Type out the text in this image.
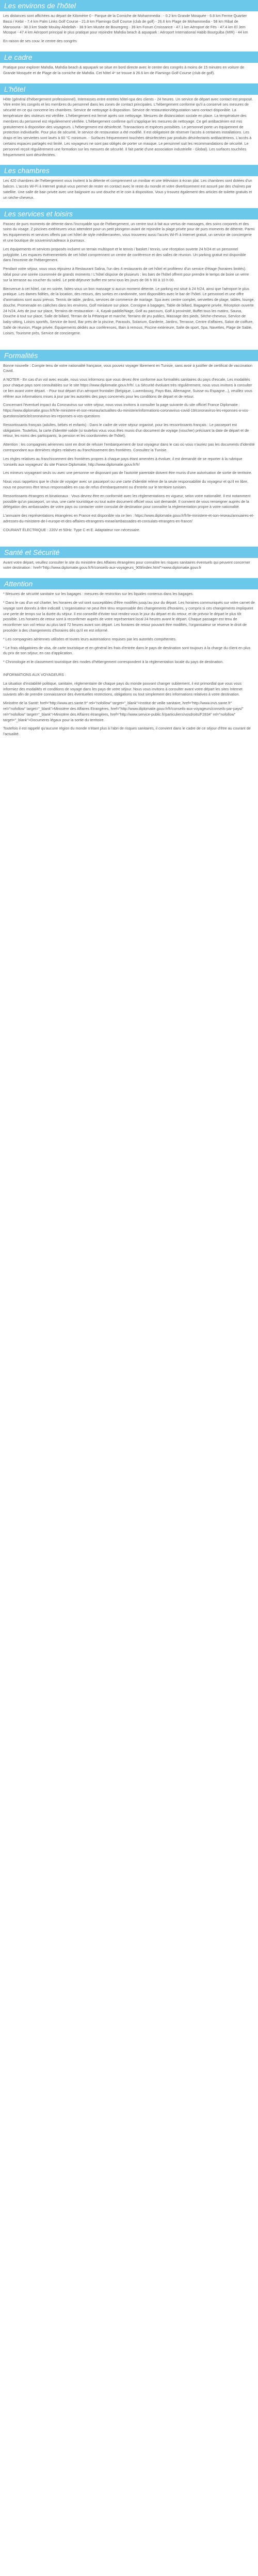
Les environs de l'hôtel

Les distances sont affichées au départ de Kilomètre 0 - Parque de la Corniche de Mohammedia : - 0.2 km Grande Mosquée - 6.8 km Ferme Quartier Bassi / Kebir - 7.4 km Palm Links Golf Course - 21.8 km Flamingo Golf Course (club de golf) - 26.6 km Plage de Mohammedia - 58 km Ribat de Mansouria - 38.3 km Stade Moulay Abdellah - 38.9 km Musée de Bouregreg - 39 km Forum Croissance - 47.1 km Aéroport de Fès - 47.4 km El Jem Mosque - 47.4 km Aéroport principal le plus pratique pour rejoindre Mahdia beach & aquapark : Aéroport International Habib Bourguiba (MIR) - 44 km

En raison de ses couv. le centre des congrès

Le cadre

Pratique pour explorer Mahdia, Mahdia beach & aquapark se situe en bord directe avec le centre des congrès à moins de 15 minutes en voiture de Grande Mosquée et de Plage de la corniche de Mahdia. Cet hôtel 4* se trouve à 26.6 km de Flamingo Golf Course (club de golf).

L'hôtel

Hôte (général d'hébergement professionnel). Interrasses entre entrées hôtel-spa des clients - 24 heures. Un service de départ avec contact est proposé. Vitre entre les congrès et les membres du personnel dans les zones de contact principales. L'hébergement conforme qu'il a conservé ses mesures de sécurité en ce qui concerne les chambres. Service de nettoyage à disposition. Service de restauration/dégustation sans contact disponible. La température des visiteurs est vérifiée. L'hébergement est fermé après son nettoyage. Mesures de distanciation sociale en place. La température des membres du personnel est régulièrement vérifiée. L'hébergement confirme qu'il s'applique les mesures de nettoyage. Ce gel antibactérien est mis gratuitement à disposition des voyageurs. L'hébergement est désinfecté. Transactions et espèces possibles. Le personnel porte un équipement de protection individuelle. Pour plus de sécurité, le service de restauration a été modifié. Il est obligatoire de réserver l'accès à certaines installations. Les draps et les serviettes sont lavés à 60 °C minimum. - Surfaces fréquemment touchées désinfectées par produits désinfectants antibactériens. L'accès à certains espaces partagés est limité. Les voyageurs ne sont pas obligés de porter un masque. Le personnel suit les recommandations de sécurité. Le personnel reçoit régulièrement une formation sur les mesures de sécurité. Il fait partie d'une association industrielle - Global). Les surfaces touchées fréquemment sont désinfectées.

Les chambres

Les 420 chambres de l'hébergement vous invitent à la détente et comprennent un minibar et une télévision à écran plat. Les chambres sont dotées d'un balcon. L'accès Wi-Fi à Internet gratuit vous permet de rester en contact avec le reste du monde et votre divertissement est assuré par des chaînes par satellite. Une salle de bain privée avec une baignoire ou une douche et le coin à disposition. Vous y trouvez également des articles de toilette gratuits et un sèche-cheveux.

Les services et loisirs

Passez de purs moments de détente dans l'incroyable spa de l'hébergement, un centre tout à fait aux vertus de massages, des soins corporels et des soins du visage. Z piscines extérieures vous attendent pour un petit plongeon avant de rejoindre la plage privée pour de purs moments de détente. Parmi les équipements et services offerts par cet hôtel de style méditerranéen, vous trouverez aussi l'accès Wi-Fi à Internet gratuit, un service de conciergerie et une boutique de souvenirs/cadeaux à journaux.

Les équipements et services proposés incluent un terrain multisport et le tennis / basket / tennis, une réception ouverte 24 h/24 et un personnel polyglotte. Les espaces événementiels de cet hôtel comprennent un centre de conférence et des salles de réunion. Un parking gratuit est disponible dans l'enceinte de l'hébergement.

Pendant votre séjour, vous vous réjouirez à Restaurant Salina, l'un des 4 restaurants de cet hôtel et profiterez d'un service d'étage (horaires limités). Idéal pour une soirée couronnée de grands moments ! L'hôtel dispose de plusieurs : les bars de l'hôtel offrent pour prendre le temps de boire un verre sur la terrasse au coucher du soleil. Le petit-déjeuner buffet est servi tous les jours de 06 h 00 à 10 h 00.

Bienvenue à cet hôtel, car en soirée, faites-vous un bon massage si aucun moment détente. Le parking est situé à 24 h/24, ainsi que l'aéroport le plus pratique. Les dames fidèles, de la location, des retours, des sorties en randonnée, sont disponibles avec le bar de l'hôtel. Le personnel et une offre d'animations sont aussi prévus. Tennis de table, jardins, services de commerce de mariage. Spa avec centre complet, serviettes de plage, tables, lounge, douche, Promenade en calèches dans les environs, Golf miniature sur place, Consigne à bagages, Table de billard, Bagagerie privée, Réception ouverte 24 h/24, Arts de jour sur place, Terrains de restauration - 4, Kayak-paddle/Nage, Golf au parcours, Golf à proximité, Buffet tous les matins, Sauna, Douche à tout sur place, Salle de billard, Terrain de la Pétanque et marche, Terrains de jeu publics, Massage des pieds, Sèche-cheveux, Service de baby-sitting, Loisirs sportifs, Service de bord, Bar près de la piscine, Parasols, Solarium, Garderie, Jardins, Terrasse, Centre d'affaires, Salon de coiffure, Salle de réunion, Plage privée, Équipements dédiés aux conférences, Bain à remous, Piscine extérieure, Salle de sport, Spa, Navettes, Plage de Sable, Loisirs, Tourisme près, Service de conciergerie.

Formalités

Bonne nouvelle : Compte tenu de votre nationalité française, vous pouvez voyager librement en Tunisie, sans avoir à justifier de certificat de vaccination Covid.

A NOTER - En cas d'un vol avec escale, nous vous informons que vous devez être conforme aux formalités sanitaires du pays d'escale. Les modalités pour chaque pays sont consultables sur le site https://www.diplomatie.gouv.fr/fr/. La Sécurité évoluant très régulièrement, nous vous invitons à consulter ce lien avant votre départ. - Pour tout départ d'un aéroport frontalier (Belgique, Luxembourg, Pays-Bas, Allemagne, Suisse ou Espagne...), veuillez vous référer aux informations mises à jour par les autorités des pays concernés pour les conditions de départ et de retour.

Concernant l'éventuel impact du Coronavirus sur votre séjour, nous vous invitons à consulter la page suivante du site officiel France Diplomatie : https://www.diplomatie.gouv.fr/fr/le-ministere-et-son-reseau/actualites-du-ministere/informations-coronavirus-covid-19/coronavirus-les-reponses-a-vos-questions/article/coronavirus-les-reponses-a-vos-questions

Ressortissants français (adultes, bébés et enfants) : Dans le cadre de votre séjour organisé, pour les ressortissants français : Le passeport est obligatoire. Toutefois, la carte d'identité valide (si toutefois vous vous êtes munis d'un document de voyage (voucher) précisant la date de départ et de retour, les noms des participants, la pension et les coordonnées de l'hôtel).

Attention : les compagnies aériennes sont en droit de refuser l'embarquement de tout voyageur dans le cas où vous n'auriez pas les documents d'identité correspondant aux dernières règles relatives au franchissement des frontières. Consultez la Tunisie.

Les règles relatives au franchissement des frontières propres à chaque pays étant amenées à évoluer, il est demandé de se reporter à la rubrique 'conseils aux voyageurs' du site France Diplomatie, http://www.diplomatie.gouv.fr/fr/

Les mineurs voyageant seuls ou avec une personne ne disposant pas de l'autorité parentale doivent être munis d'une autorisation de sortie de territoire.

Nous vous rappelons que le choix de voyager avec un passeport ou une carte d'identité relève de la seule responsabilité du voyageur et qu'il en libre, nous ne pourrons être tenus responsables en cas de refus d'embarquement ou d'entrée sur le territoire tunisien.

Ressortissants étrangers et binationaux : Vous devrez être en conformité avec les réglementations en vigueur, selon votre nationalité. Il est notamment possible qu'un passeport, un visa, une carte touristique ou tout autre document officiel vous soit demandé. Il convient de vous renseigner auprès de la délégation des ambassades de votre pays ou contacter votre consulat de destination pour connaître la réglementation propre à votre nationalité.

L'annuaire des représentations étrangères en France est disponible via ce lien : https://www.diplomatie.gouv.fr/fr/le-ministere-et-son-reseau/annuaires-et-adresses-du-ministere-de-l-europe-et-des-affaires-etrangeres-meae/ambassades-et-consulats-etrangers-en-france/

COURANT ÉLECTRIQUE : 220V et 50Hz. Type C et E. Adaptateur non nécessaire.

Santé et Sécurité

Avant votre départ, veuillez consulter le site du ministère des Affaires étrangères pour connaître les risques sanitaires éventuels qui peuvent concerner votre destination : href="http://www.diplomatie.gouv.fr/fr/conseils-aux-voyageurs_909/index.html">www.diplomatie.gouv.fr

Attention

* Mesures de sécurité sanitaire sur les bagages : mesures de restriction sur les liquides contenus dans les bagages.

* Dans le cas d'un vol charter, les horaires de vol sont susceptibles d'être modifiés jusqu'au jour du départ. Les horaires communiqués sur votre carnet de voyage sont donnés à titre indicatif. L'organisateur ne peut être tenu responsable des changements d'horaires, y compris si ces changements impliquent une perte de temps sur la durée du séjour. Il est conseillé d'éviter tout rendez-vous le jour du départ et du retour, et de prévoir le départ le plus tôt possible. Les horaires de retour sont à reconfirmer auprès de votre représentant local 24 heures avant le départ. Chaque passager est tenu de reconfirmer son vol retour au plus tard 72 heures avant son départ. Les horaires de retour pouvant être modifiés, l'organisateur se réserve le droit de procéder à des changements d'horaires dès qu'il en est informé.

* Les compagnies aériennes utilisées et toutes leurs autorisations requises par les autorités compétentes.

* Le frais obligatoires de visa, de carte touristique et en général les frais d'entrée dans le pays de destination sont toujours à la charge du client en plus du prix de son séjour, en cas d'application.

* Chronologie et le classement touristique des modes d'hébergement correspondent à la réglementation locale du pays de destination.

INFORMATIONS AUX VOYAGEURS :

La situation d'instabilité politique, sanitaire, réglementaire de chaque pays du monde pouvant changer subitement, il est primordial que vous vous informiez des modalités et conditions de voyage dans les pays de votre séjour. Nous vous invitons à consulter avant votre départ les sites Internet suivants afin de prendre connaissance des éventuelles restrictions, obligations ou tout simplement des informations relatives à votre destination.

Ministère de la Santé: href="http://www.ars.sante.fr" rel="nofollow" target="_blank">Institut de veille sanitaire, href="http://www.invs.sante.fr" rel="nofollow" target="_blank">Ministère des Affaires Etrangères, href="http://www.diplomatie.gouv.fr/fr/conseils-aux-voyageurs/conseils-par-pays/" rel="nofollow" target="_blank">Ministère des Affaires étrangères, href="http://www.service-public.fr/particuliers/vosdroits/F2834" rel="nofollow" target="_blank">Documents légaux pour la sortie du territoire.

Toutefois il est rappelé qu'aucune région du monde n'étant plus à l'abri de risques sanitaires, il convient dans le cadre de ce séjour d'être au courant de l'actualité.
